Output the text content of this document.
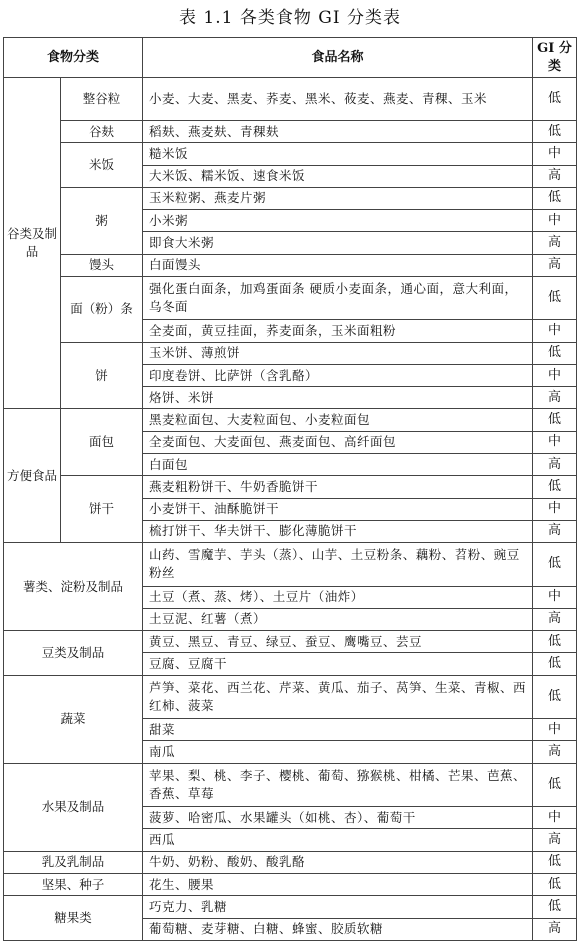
表 1.1 各类食物 GI 分类表
食物分类		食品名称	GI 分类
谷类及制品	整谷粒	小麦、大麦、黑麦、荞麦、黑米、莜麦、燕麦、青稞、玉米	低
	谷麸	稻麸、燕麦麸、青稞麸	低
	米饭	糙米饭	中
		大米饭、糯米饭、速食米饭	高
	粥	玉米粒粥、燕麦片粥	低
		小米粥	中
		即食大米粥	高
	馒头	白面馒头	高
	面（粉）条	强化蛋白面条，加鸡蛋面条 硬质小麦面条，通心面，意大利面，乌冬面	低
		全麦面，黄豆挂面，荞麦面条，玉米面粗粉	中
	饼	玉米饼、薄煎饼	低
		印度卷饼、比萨饼（含乳酪）	中
		烙饼、米饼	高
方便食品	面包	黑麦粒面包、大麦粒面包、小麦粒面包	低
		全麦面包、大麦面包、燕麦面包、高纤面包	中
		白面包	高
	饼干	燕麦粗粉饼干、牛奶香脆饼干	低
		小麦饼干、油酥脆饼干	中
		梳打饼干、华夫饼干、膨化薄脆饼干	高
薯类、淀粉及制品		山药、雪魔芋、芋头（蒸）、山芋、土豆粉条、藕粉、苕粉、豌豆粉丝	低
		土豆（煮、蒸、烤）、土豆片（油炸）	中
		土豆泥、红薯（煮）	高
豆类及制品		黄豆、黑豆、青豆、绿豆、蚕豆、鹰嘴豆、芸豆	低
		豆腐、豆腐干	低
蔬菜		芦笋、菜花、西兰花、芹菜、黄瓜、茄子、莴笋、生菜、青椒、西红柿、菠菜	低
		甜菜	中
		南瓜	高
水果及制品		苹果、梨、桃、李子、樱桃、葡萄、猕猴桃、柑橘、芒果、芭蕉、香蕉、草莓	低
		菠萝、哈密瓜、水果罐头（如桃、杏）、葡萄干	中
		西瓜	高
乳及乳制品		牛奶、奶粉、酸奶、酸乳酪	低
坚果、种子		花生、腰果	低
糖果类		巧克力、乳糖	低
		葡萄糖、麦芽糖、白糖、蜂蜜、胶质软糖	高
